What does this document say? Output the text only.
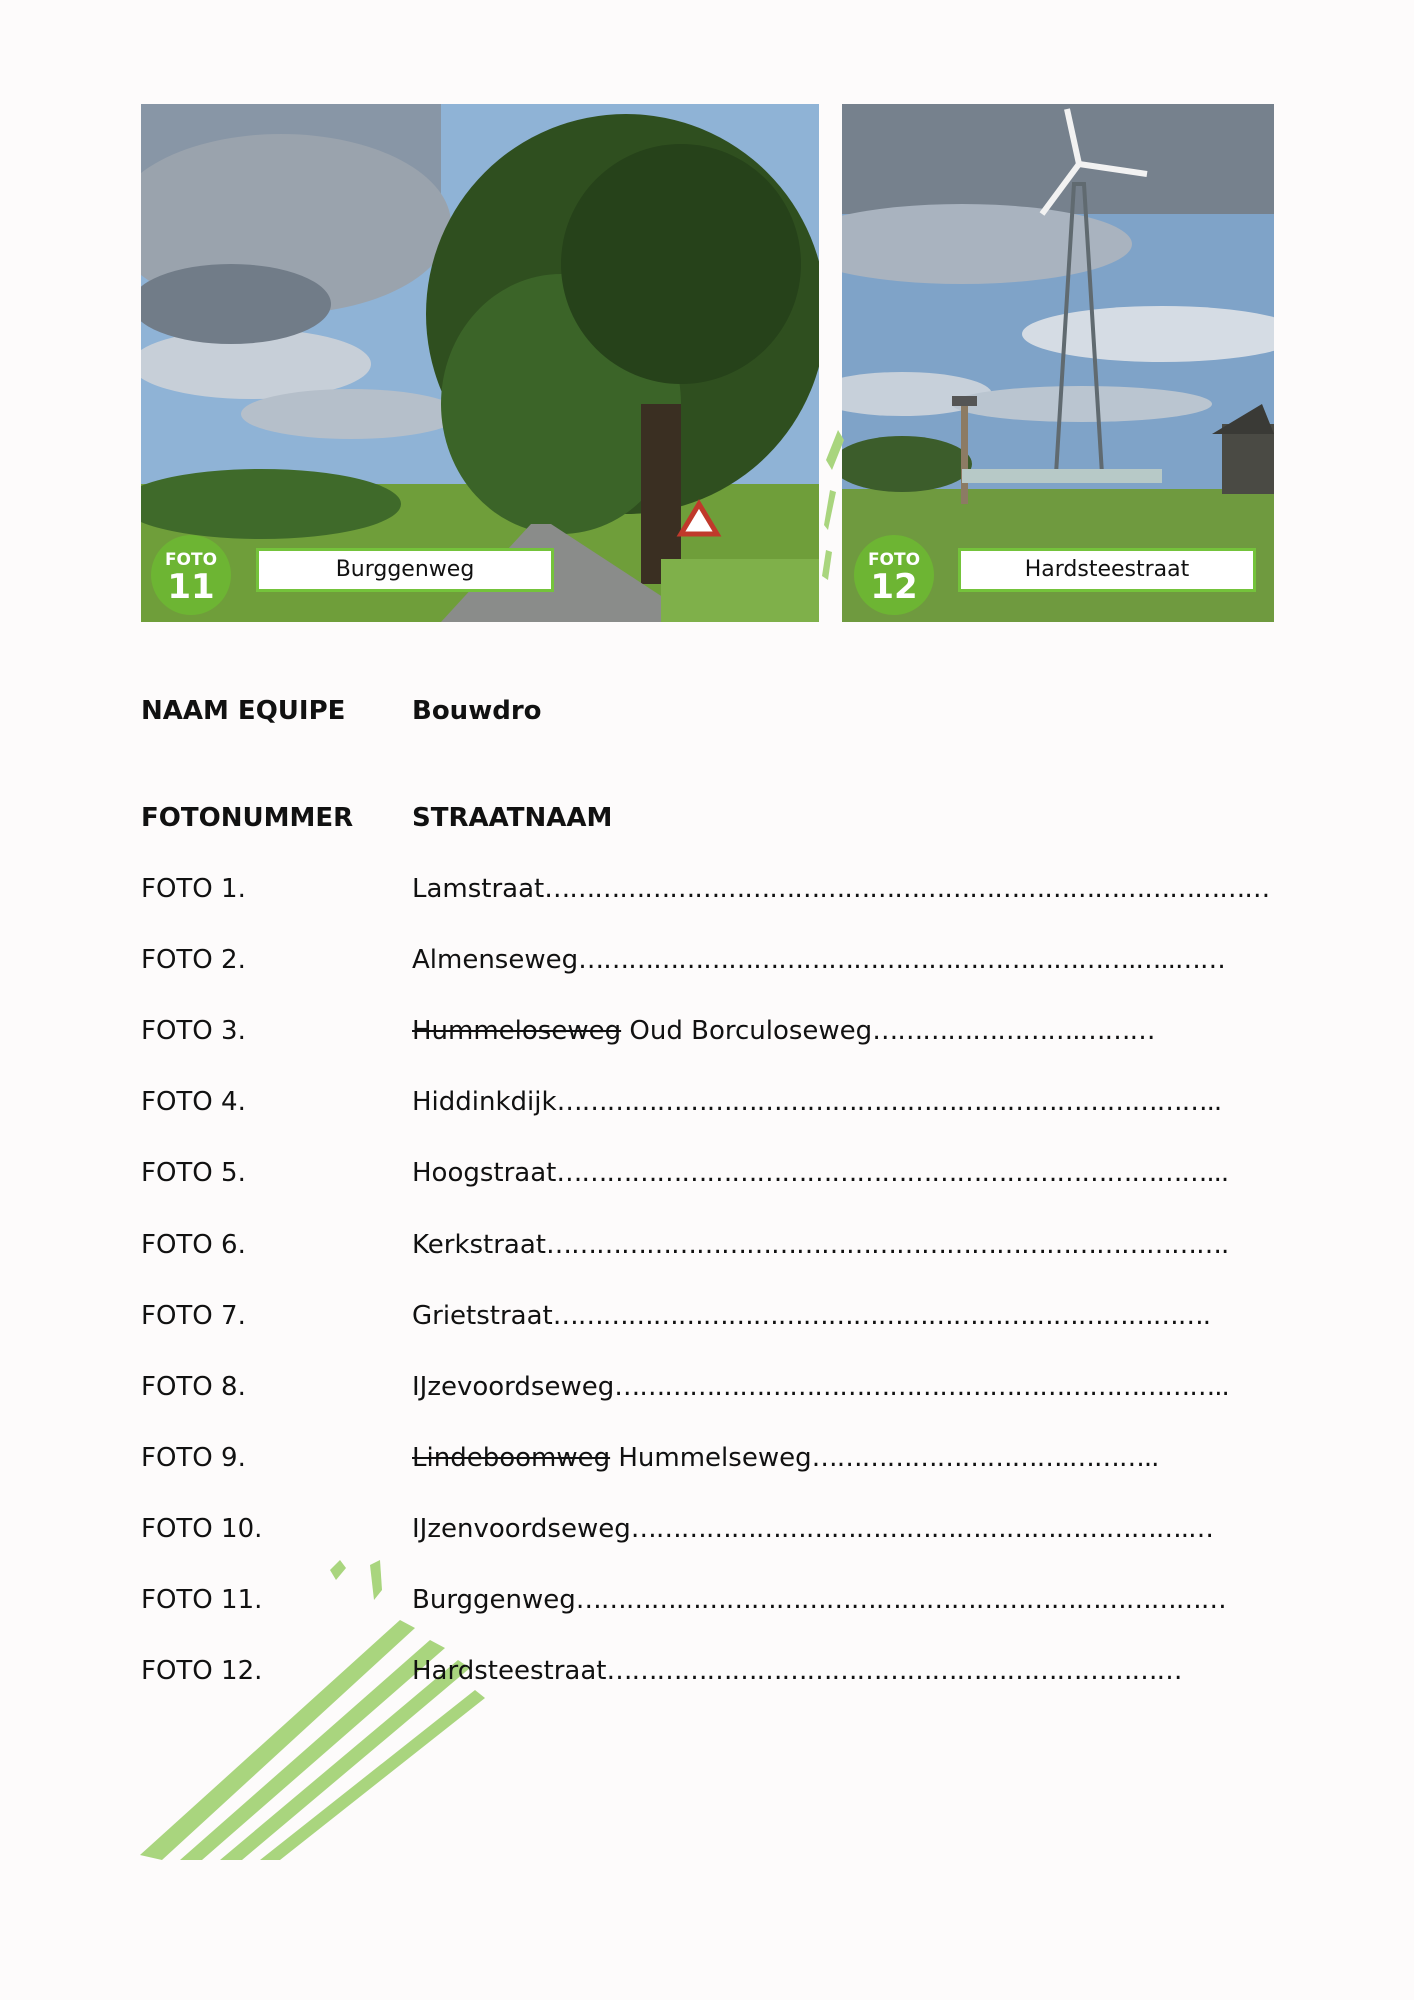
FOTO
11	Burggenweg	FOTO
12	Hardsteestraat
NAAM EQUIPE	Bouwdro
FOTONUMMER STRAATNAAM
FOTO 1.	Lamstraat……………………………………………………………………………
FOTO 2.	Almenseweg………………………………………………………….…..……
FOTO 3.	Hummeloseweg Oud Borculoseweg…………………….………
FOTO 4.	Hiddinkdijk……………………………………………………………………..
FOTO 5.	Hoogstraat……………………………………………………………………...
FOTO 6.	Kerkstraat……………………………………………………………………….
FOTO 7.	Grietstraat…………………………………………………………………….
FOTO 8.	IJzevoordseweg………………………………………………………………..
FOTO 9.	Lindeboomweg Hummelseweg………………………….………..
FOTO 10.	IJzenvoordseweg………………………………………………………….…
FOTO 11.	Burggenweg……………………………………………………………………
FOTO 12.	Hardsteestraat……………………………………………………………
